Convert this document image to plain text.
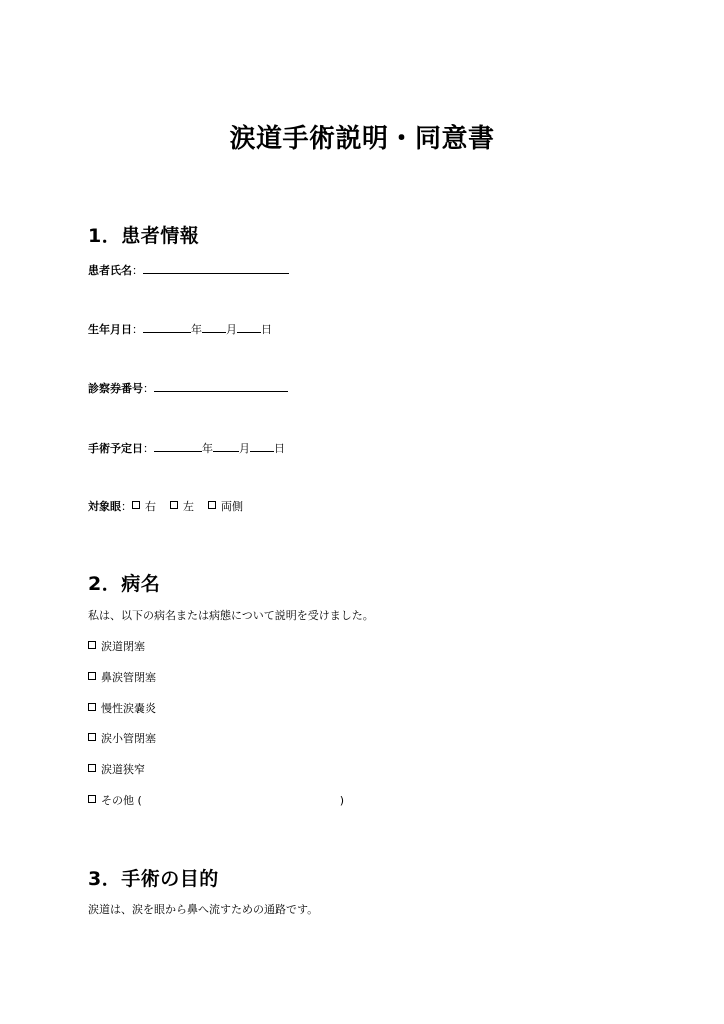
涙道手術説明・同意書
1．患者情報
患者氏名：
生年月日：	年 月 日
診察券番号：
手術予定日：	年 月 日
対象眼： 右 左 両側
2．病名
私は、以下の病名または病態について説明を受けました。
涙道閉塞
鼻涙管閉塞
慢性涙嚢炎
涙小管閉塞
涙道狭窄
その他 (	)
3．手術の目的
涙道は、涙を眼から鼻へ流すための通路です。
